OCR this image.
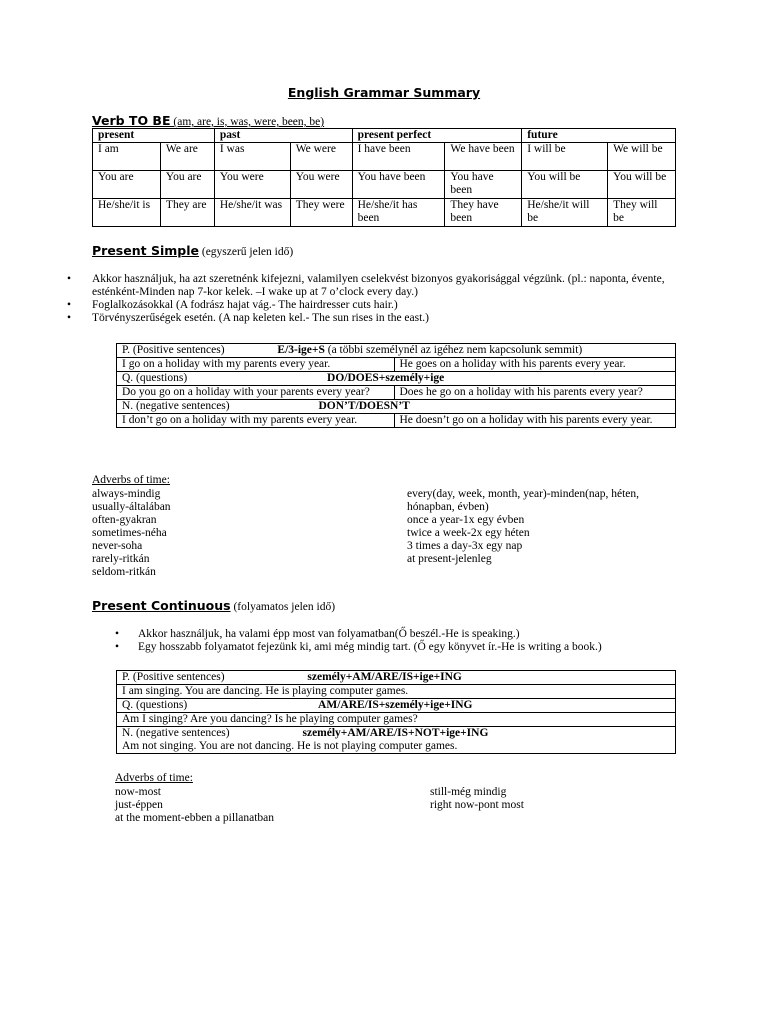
English Grammar Summary
Verb TO BE (am, are, is, was, were, been, be)
present		past		present perfect		future	
I am	We are	I was	We were	I have been	We have been	I will be	We will be
You are	You are	You were	You were	You have been	You have been	You will be	You will be
He/she/it is	They are	He/she/it was	They were	He/she/it has been	They have been	He/she/it will be	They will be
Present Simple (egyszerű jelen idő)
• Akkor használjuk, ha azt szeretnénk kifejezni, valamilyen cselekvést bizonyos gyakorisággal végzünk. (pl.: naponta, évente, esténként-Minden nap 7-kor kelek. –I wake up at 7 o’clock every day.)
• Foglalkozásokkal (A fodrász hajat vág.- The hairdresser cuts hair.)
• Törvényszerűségek esetén. (A nap keleten kel.- The sun rises in the east.)
P. (Positive sentences) E/3-ige+S (a többi személynél az igéhez nem kapcsolunk semmit)	
I go on a holiday with my parents every year.	He goes on a holiday with his parents every year.
Q. (questions) DO/DOES+személy+ige	
Do you go on a holiday with your parents every year?	Does he go on a holiday with his parents every year?
N. (negative sentences) DON’T/DOESN’T	
I don’t go on a holiday with my parents every year.	He doesn’t go on a holiday with his parents every year.
Adverbs of time:
always-mindig
usually-általában
often-gyakran
sometimes-néha
never-soha
rarely-ritkán
seldom-ritkán
every(day, week, month, year)-minden(nap, héten, hónapban, évben)
once a year-1x egy évben
twice a week-2x egy héten
3 times a day-3x egy nap
at present-jelenleg
Present Continuous (folyamatos jelen idő)
• Akkor használjuk, ha valami épp most van folyamatban(Ő beszél.-He is speaking.)
• Egy hosszabb folyamatot fejezünk ki, ami még mindig tart. (Ő egy könyvet ír.-He is writing a book.)
P. (Positive sentences)	személy+AM/ARE/IS+ige+ING
I am singing. You are dancing. He is playing computer games.
Q. (questions)	AM/ARE/IS+személy+ige+ING
Am I singing? Are you dancing? Is he playing computer games?
N. (negative sentences)	személy+AM/ARE/IS+NOT+ige+ING
Am not singing. You are not dancing. He is not playing computer games.
Adverbs of time:
now-most
just-éppen
at the moment-ebben a pillanatban
still-még mindig
right now-pont most
